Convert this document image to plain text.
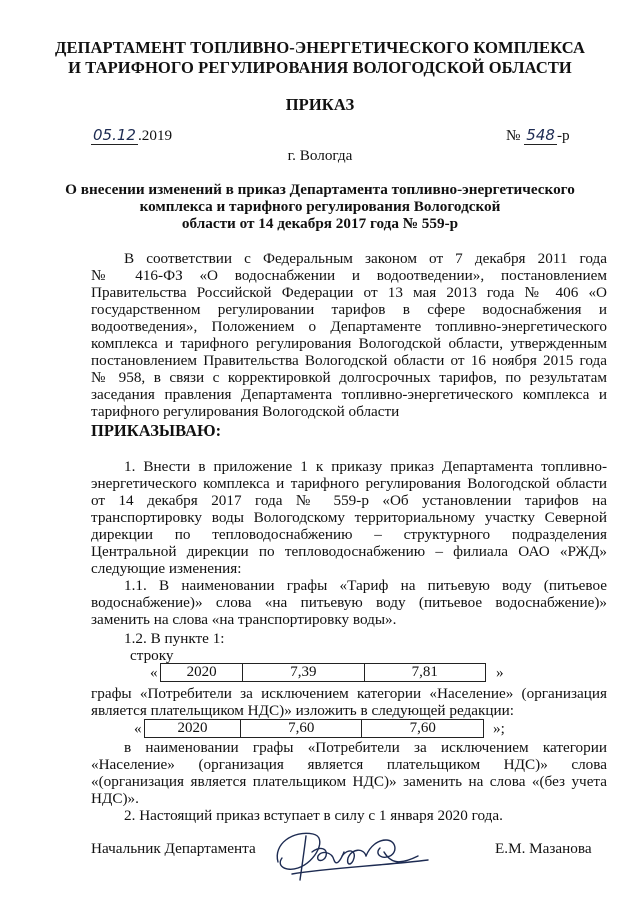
ДЕПАРТАМЕНТ ТОПЛИВНО-ЭНЕРГЕТИЧЕСКОГО КОМПЛЕКСА
И ТАРИФНОГО РЕГУЛИРОВАНИЯ ВОЛОГОДСКОЙ ОБЛАСТИ
ПРИКАЗ
05.12 .2019	№ 548 -р
г. Вологда
О внесении изменений в приказ Департамента топливно-энергетического
комплекса и тарифного регулирования Вологодской
области от 14 декабря 2017 года № 559-р
В соответствии с Федеральным законом от 7 декабря 2011 года
№ 416-ФЗ «О водоснабжении и водоотведении», постановлением
Правительства Российской Федерации от 13 мая 2013 года № 406 «О
государственном регулировании тарифов в сфере водоснабжения и
водоотведения», Положением о Департаменте топливно-энергетического
комплекса и тарифного регулирования Вологодской области, утвержденным
постановлением Правительства Вологодской области от 16 ноября 2015 года
№ 958, в связи с корректировкой долгосрочных тарифов, по результатам
заседания правления Департамента топливно-энергетического комплекса и
тарифного регулирования Вологодской области
ПРИКАЗЫВАЮ:
1. Внести в приложение 1 к приказу приказ Департамента топливно-
энергетического комплекса и тарифного регулирования Вологодской области
от 14 декабря 2017 года № 559-р «Об установлении тарифов на
транспортировку воды Вологодскому территориальному участку Северной
дирекции по тепловодоснабжению – структурного подразделения
Центральной дирекции по тепловодоснабжению – филиала ОАО «РЖД»
следующие изменения:
1.1. В наименовании графы «Тариф на питьевую воду (питьевое
водоснабжение)» слова «на питьевую воду (питьевое водоснабжение)»
заменить на слова «на транспортировку воды».
1.2. В пункте 1:
строку
« 2020	7,39	7,81	»
графы «Потребители за исключением категории «Население» (организация
является плательщиком НДС)» изложить в следующей редакции:
« 2020	7,60	7,60	»;
в наименовании графы «Потребители за исключением категории
«Население» (организация является плательщиком НДС)» слова
«(организация является плательщиком НДС)» заменить на слова «(без учета
НДС)».
2. Настоящий приказ вступает в силу с 1 января 2020 года.
Начальник Департамента	Е.М. Мазанова
